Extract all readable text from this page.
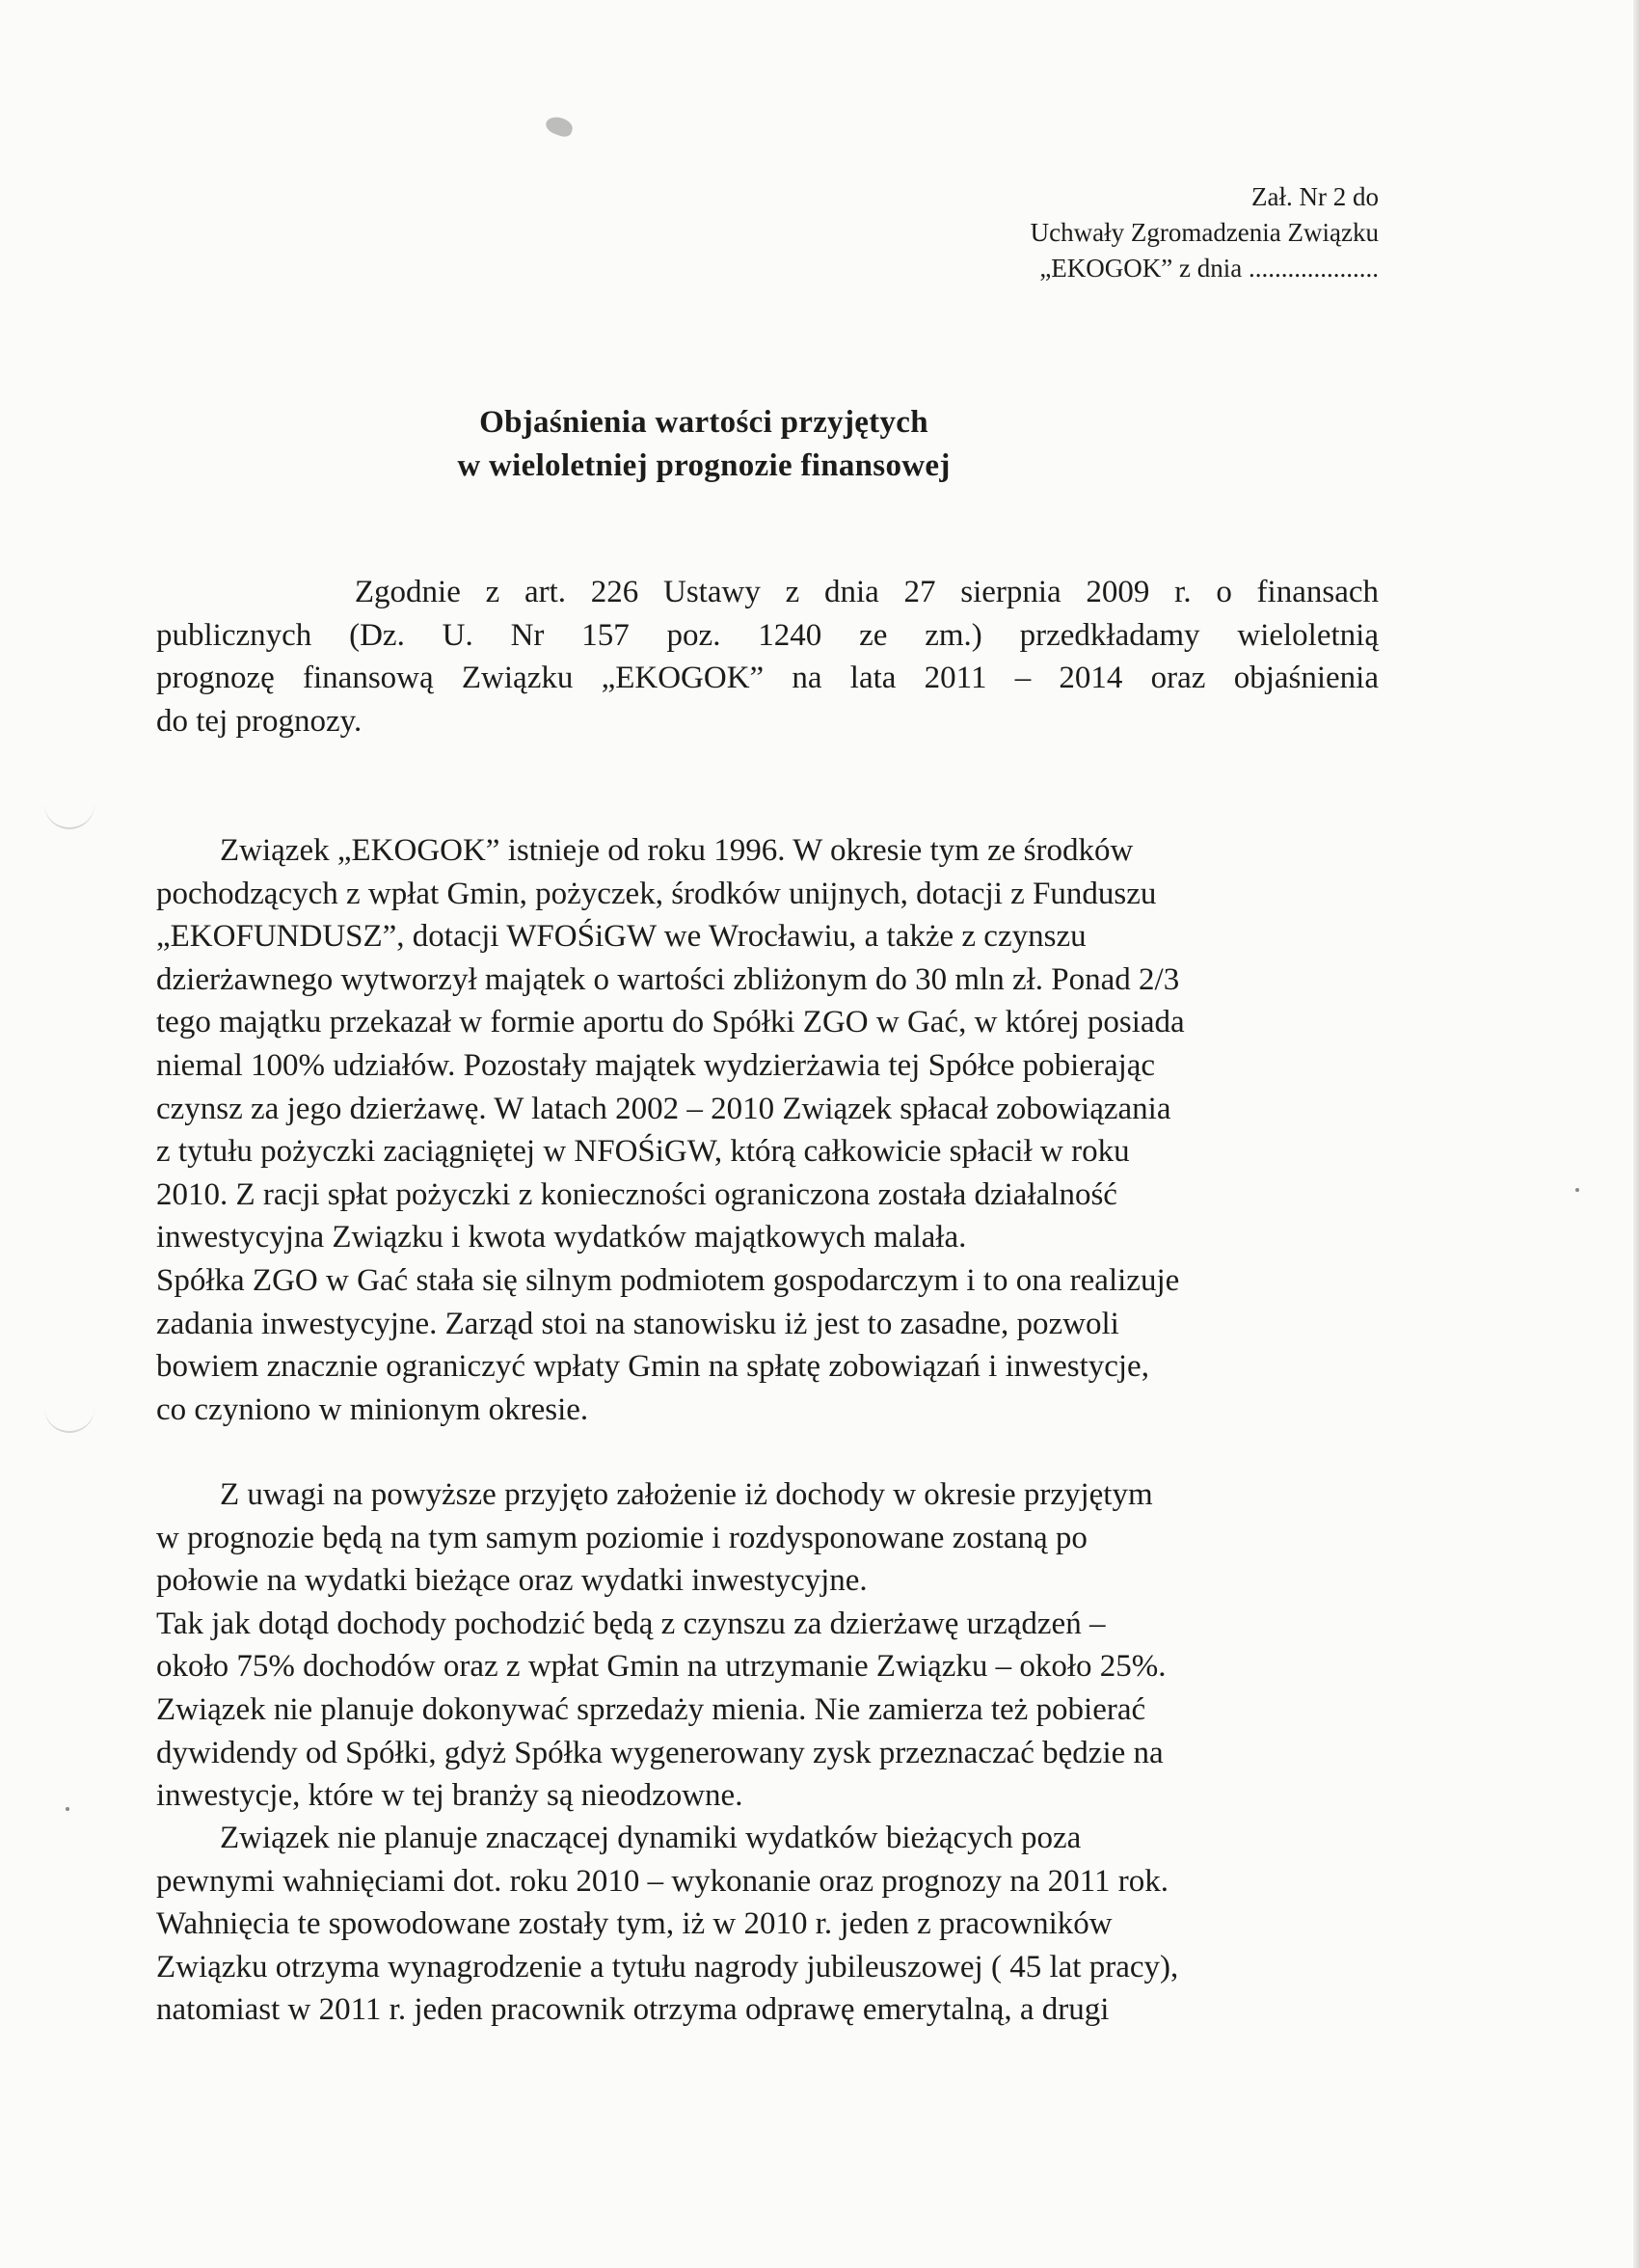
Zał. Nr 2 do
Uchwały Zgromadzenia Związku
„EKOGOK” z dnia ....................
Objaśnienia wartości przyjętych
w wieloletniej prognozie finansowej
Zgodnie z art. 226 Ustawy z dnia 27 sierpnia 2009 r. o finansach
publicznych (Dz. U. Nr 157 poz. 1240 ze zm.) przedkładamy wieloletnią
prognozę finansową Związku „EKOGOK” na lata 2011 – 2014 oraz objaśnienia
do tej prognozy.
Związek „EKOGOK” istnieje od roku 1996. W okresie tym ze środków
pochodzących z wpłat Gmin, pożyczek, środków unijnych, dotacji z Funduszu
„EKOFUNDUSZ”, dotacji WFOŚiGW we Wrocławiu, a także z czynszu
dzierżawnego wytworzył majątek o wartości zbliżonym do 30 mln zł. Ponad 2/3
tego majątku przekazał w formie aportu do Spółki ZGO w Gać, w której posiada
niemal 100% udziałów. Pozostały majątek wydzierżawia tej Spółce pobierając
czynsz za jego dzierżawę. W latach 2002 – 2010 Związek spłacał zobowiązania
z tytułu pożyczki zaciągniętej w NFOŚiGW, którą całkowicie spłacił w roku
2010. Z racji spłat pożyczki z konieczności ograniczona została działalność
inwestycyjna Związku i kwota wydatków majątkowych malała.
Spółka ZGO w Gać stała się silnym podmiotem gospodarczym i to ona realizuje
zadania inwestycyjne. Zarząd stoi na stanowisku iż jest to zasadne, pozwoli
bowiem znacznie ograniczyć wpłaty Gmin na spłatę zobowiązań i inwestycje,
co czyniono w minionym okresie.
Z uwagi na powyższe przyjęto założenie iż dochody w okresie przyjętym
w prognozie będą na tym samym poziomie i rozdysponowane zostaną po
połowie na wydatki bieżące oraz wydatki inwestycyjne.
Tak jak dotąd dochody pochodzić będą z czynszu za dzierżawę urządzeń –
około 75% dochodów oraz z wpłat Gmin na utrzymanie Związku – około 25%.
Związek nie planuje dokonywać sprzedaży mienia. Nie zamierza też pobierać
dywidendy od Spółki, gdyż Spółka wygenerowany zysk przeznaczać będzie na
inwestycje, które w tej branży są nieodzowne.
Związek nie planuje znaczącej dynamiki wydatków bieżących poza
pewnymi wahnięciami dot. roku 2010 – wykonanie oraz prognozy na 2011 rok.
Wahnięcia te spowodowane zostały tym, iż w 2010 r. jeden z pracowników
Związku otrzyma wynagrodzenie a tytułu nagrody jubileuszowej ( 45 lat pracy),
natomiast w 2011 r. jeden pracownik otrzyma odprawę emerytalną, a drugi
